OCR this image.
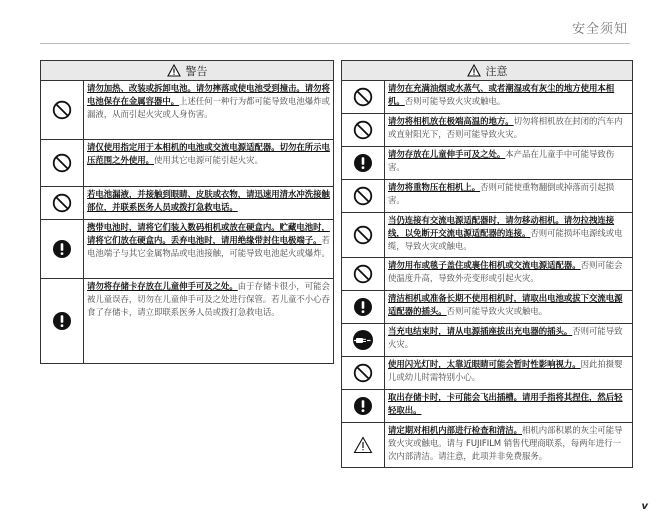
安全须知
警告
请勿加热、改装或拆卸电池。请勿摔落或使电池受到撞击。请勿将电池保存在金属容器中。上述任何一种行为都可能导致电池爆炸或漏液，从而引起火灾或人身伤害。
请仅使用指定用于本相机的电池或交流电源适配器。切勿在所示电压范围之外使用。使用其它电源可能引起火灾。
若电池漏液，并接触到眼睛、皮肤或衣物，请迅速用清水冲洗接触部位，并联系医务人员或拨打急救电话。
携带电池时，请将它们装入数码相机或放在硬盒内。贮藏电池时，请将它们放在硬盒内。丢弃电池时，请用绝缘带封住电极端子。若电池端子与其它金属物品或电池接触，可能导致电池起火或爆炸。
请勿将存储卡存放在儿童伸手可及之处。由于存储卡很小，可能会被儿童误吞，切勿在儿童伸手可及之处进行保管。若儿童不小心吞食了存储卡，请立即联系医务人员或拨打急救电话。
注意
请勿在充满油烟或水蒸气、或者潮湿或有灰尘的地方使用本相机。否则可能导致火灾或触电。
请勿将相机放在极端高温的地方。切勿将相机放在封闭的汽车内或直射阳光下，否则可能导致火灾。
请勿存放在儿童伸手可及之处。本产品在儿童手中可能导致伤害。
请勿将重物压在相机上。否则可能使重物翻倒或掉落而引起损害。
当仍连接有交流电源适配器时，请勿移动相机。请勿拉拽连接线，以免断开交流电源适配器的连接。否则可能损坏电源线或电缆，导致火灾或触电。
请勿用布或毯子盖住或裹住相机或交流电源适配器。否则可能会使温度升高，导致外壳变形或引起火灾。
清洁相机或准备长期不使用相机时，请取出电池或拔下交流电源适配器的插头。否则可能导致火灾或触电。
当充电结束时，请从电源插座拔出充电器的插头。否则可能导致火灾。
使用闪光灯时，太靠近眼睛可能会暂时性影响视力。因此拍摄婴儿或幼儿时需特别小心。
取出存储卡时，卡可能会飞出插槽。请用手指将其捏住，然后轻轻取出。
请定期对相机内部进行检查和清洁。相机内部积累的灰尘可能导致火灾或触电。请与 FUJIFILM 销售代理商联系，每两年进行一次内部清洁。请注意，此项并非免费服务。
v
